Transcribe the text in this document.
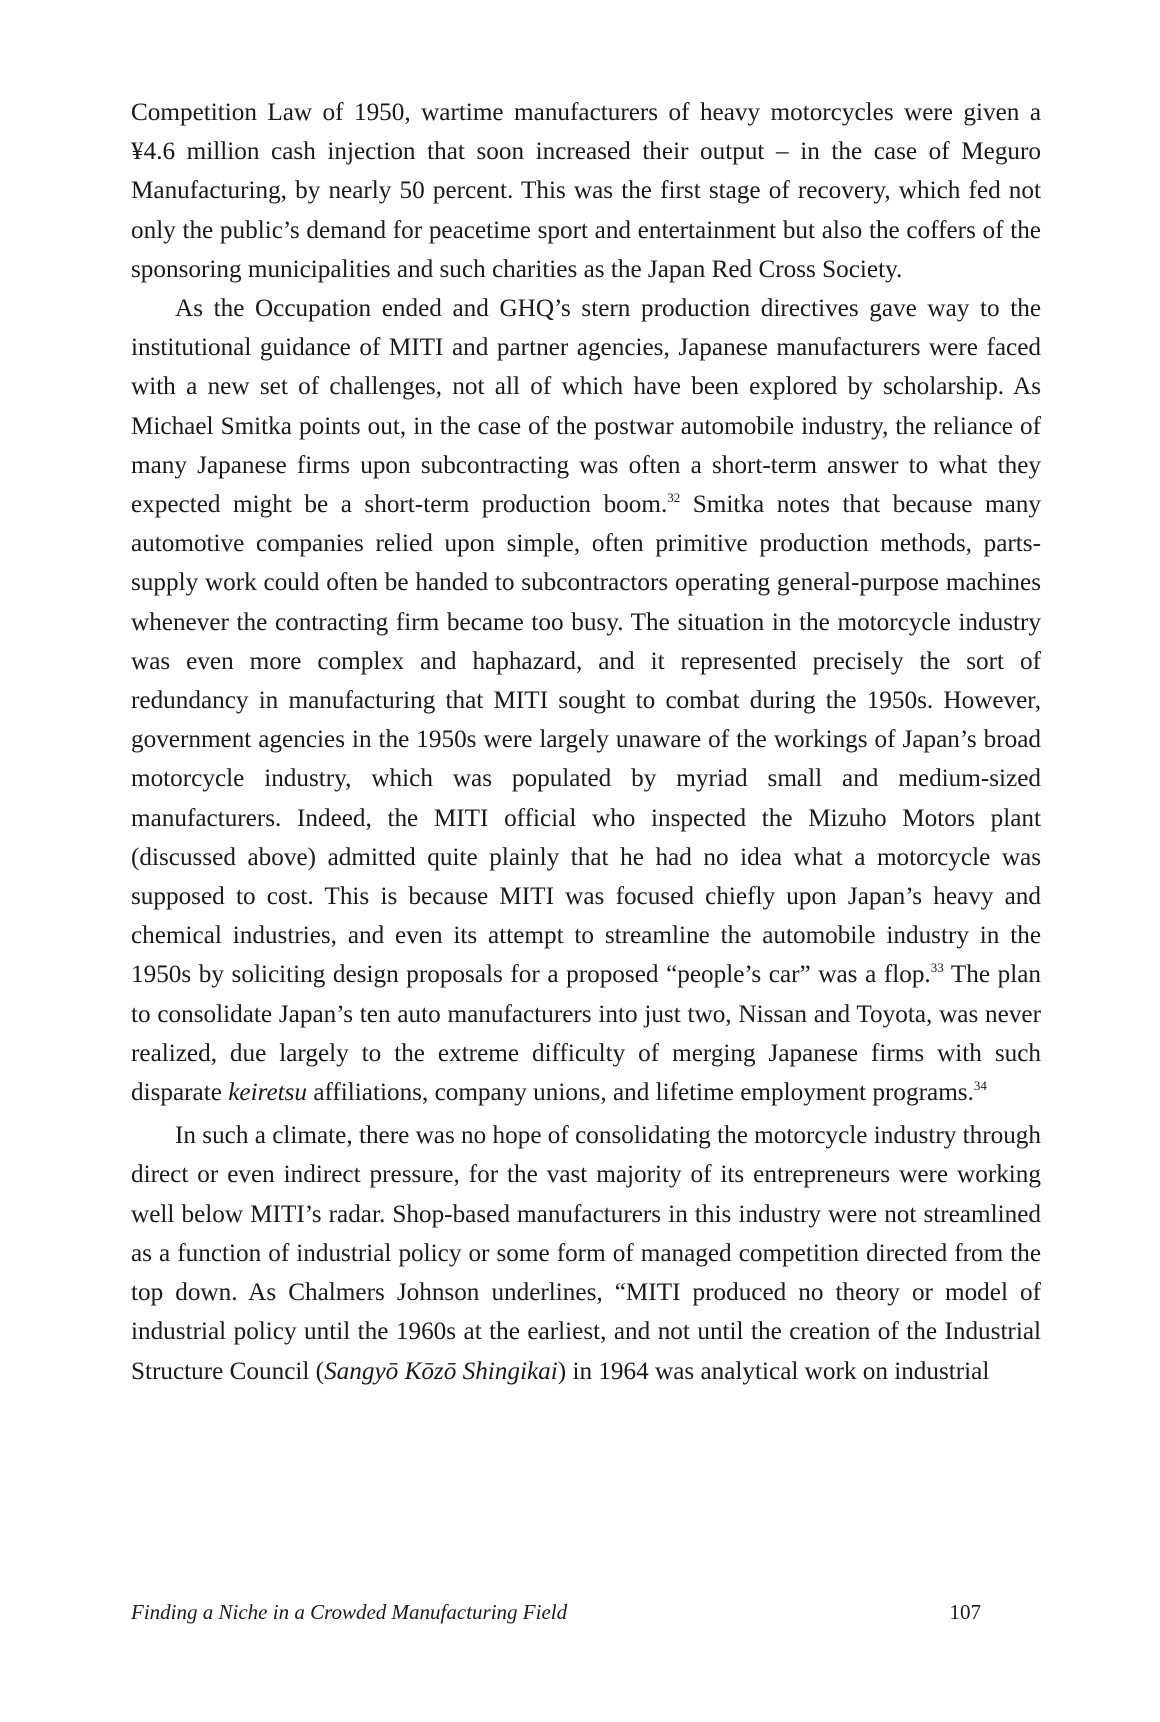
Competition Law of 1950, wartime manufacturers of heavy motorcycles were given a ¥4.6 million cash injection that soon increased their output – in the case of Meguro Manufacturing, by nearly 50 percent. This was the first stage of recovery, which fed not only the public’s demand for peacetime sport and entertainment but also the coffers of the sponsoring municipalities and such charities as the Japan Red Cross Society.

As the Occupation ended and GHQ’s stern production directives gave way to the institutional guidance of MITI and partner agencies, Japanese manufacturers were faced with a new set of challenges, not all of which have been explored by scholarship. As Michael Smitka points out, in the case of the postwar automobile industry, the reliance of many Japanese firms upon subcontracting was often a short-term answer to what they expected might be a short-term production boom.$^{32}$ Smitka notes that because many automotive companies relied upon simple, often primitive production methods, parts-supply work could often be handed to subcontractors operating general-purpose machines whenever the contracting firm became too busy. The situation in the motorcycle industry was even more complex and haphazard, and it represented precisely the sort of redundancy in manufacturing that MITI sought to combat during the 1950s. However, government agencies in the 1950s were largely unaware of the workings of Japan’s broad motorcycle industry, which was populated by myriad small and medium-sized manufacturers. Indeed, the MITI official who inspected the Mizuho Motors plant (discussed above) admitted quite plainly that he had no idea what a motorcycle was supposed to cost. This is because MITI was focused chiefly upon Japan’s heavy and chemical industries, and even its attempt to streamline the automobile industry in the 1950s by soliciting design proposals for a proposed “people’s car” was a flop.$^{33}$ The plan to consolidate Japan’s ten auto manufacturers into just two, Nissan and Toyota, was never realized, due largely to the extreme difficulty of merging Japanese firms with such disparate keiretsu affiliations, company unions, and lifetime employment programs.$^{34}$

In such a climate, there was no hope of consolidating the motorcycle industry through direct or even indirect pressure, for the vast majority of its entrepreneurs were working well below MITI’s radar. Shop-based manufacturers in this industry were not streamlined as a function of industrial policy or some form of managed competition directed from the top down. As Chalmers Johnson underlines, “MITI produced no theory or model of industrial policy until the 1960s at the earliest, and not until the creation of the Industrial Structure Council (Sangyō Kōzō Shingikai) in 1964 was analytical work on industrial

Finding a Niche in a Crowded Manufacturing Field	107
